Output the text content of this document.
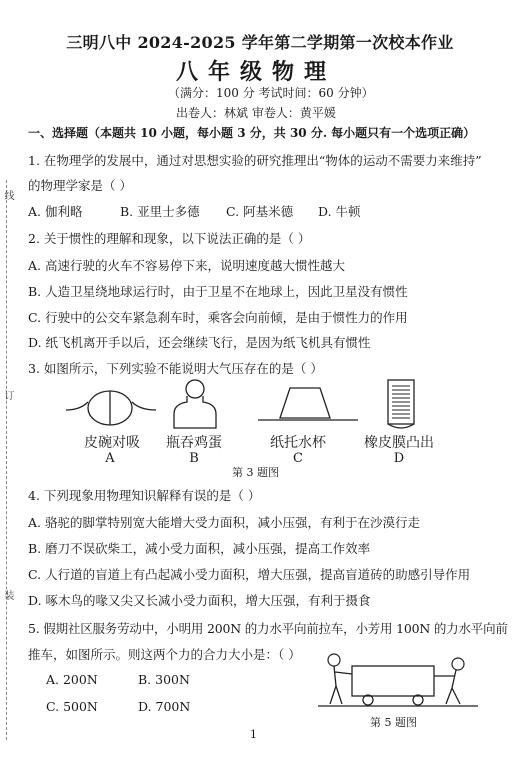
线
订
装
三明八中 2024-2025 学年第二学期第一次校本作业
八年级物理
（满分：100 分 考试时间：60 分钟）
出卷人：林斌 审卷人：黄平媛
一、选择题（本题共 10 小题，每小题 3 分，共 30 分. 每小题只有一个选项正确）
1. 在物理学的发展中，通过对思想实验的研究推理出“物体的运动不需要力来维持”
的物理学家是（ ）
A. 伽利略	B. 亚里士多德 C. 阿基米德 D. 牛顿
2. 关于惯性的理解和现象，以下说法正确的是（ ）
A. 高速行驶的火车不容易停下来，说明速度越大惯性越大
B. 人造卫星绕地球运行时，由于卫星不在地球上，因此卫星没有惯性
C. 行驶中的公交车紧急刹车时，乘客会向前倾，是由于惯性力的作用
D. 纸飞机离开手以后，还会继续飞行，是因为纸飞机具有惯性
3. 如图所示，下列实验不能说明大气压存在的是（ ）
皮碗对吸	瓶吞鸡蛋	纸托水杯	橡皮膜凸出
A	B	C	D
第 3 题图
4. 下列现象用物理知识解释有误的是（ ）
A. 骆驼的脚掌特别宽大能增大受力面积，减小压强，有利于在沙漠行走
B. 磨刀不误砍柴工，减小受力面积，减小压强，提高工作效率
C. 人行道的盲道上有凸起减小受力面积，增大压强，提高盲道砖的助感引导作用
D. 啄木鸟的喙又尖又长减小受力面积，增大压强，有利于摄食
5. 假期社区服务劳动中，小明用 200N 的力水平向前拉车，小芳用 100N 的力水平向前
推车，如图所示。则这两个力的合力大小是：（ ）
A. 200N	B. 300N
C. 500N	D. 700N
第 5 题图
1
